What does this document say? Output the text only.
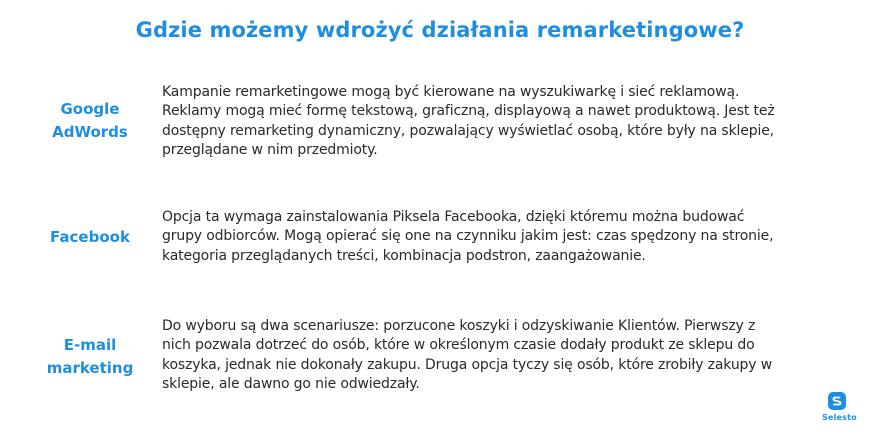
Gdzie możemy wdrożyć działania remarketingowe?
Google
AdWords
Kampanie remarketingowe mogą być kierowane na wyszukiwarkę i sieć reklamową.
Reklamy mogą mieć formę tekstową, graficzną, displayową a nawet produktową. Jest też
dostępny remarketing dynamiczny, pozwalający wyświetlać osobą, które były na sklepie,
przeglądane w nim przedmioty.
Facebook
Opcja ta wymaga zainstalowania Piksela Facebooka, dzięki któremu można budować
grupy odbiorców. Mogą opierać się one na czynniku jakim jest: czas spędzony na stronie,
kategoria przeglądanych treści, kombinacja podstron, zaangażowanie.
E-mail
marketing
Do wyboru są dwa scenariusze: porzucone koszyki i odzyskiwanie Klientów. Pierwszy z
nich pozwala dotrzeć do osób, które w określonym czasie dodały produkt ze sklepu do
koszyka, jednak nie dokonały zakupu. Druga opcja tyczy się osób, które zrobiły zakupy w
sklepie, ale dawno go nie odwiedzały.
Selesto
